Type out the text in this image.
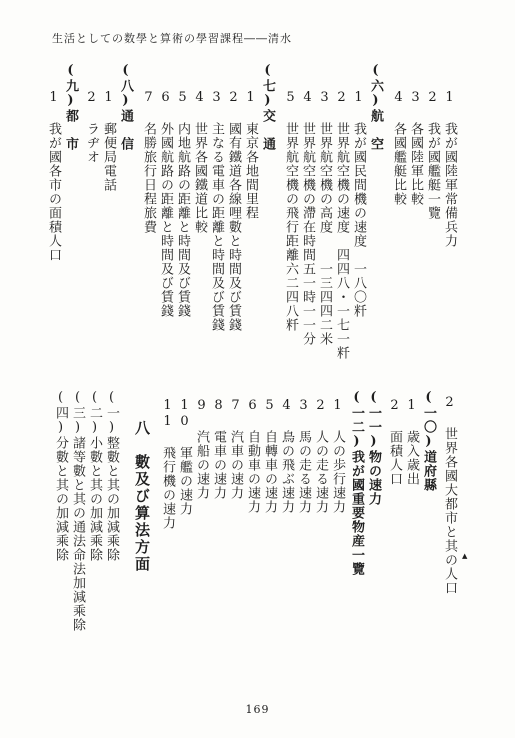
生活としての数學と算術の學習課程――清水
1 我が國陸軍常備兵力
2 我が國艦艇一覽
3 各國陸軍比較
4 各國艦艇比較
(六)航　空
1 我が國民間機の速度　一八〇粁
2 世界航空機の速度　四四八・一七一粁
3 世界航空機の高度　　一三四四二米
4 世界航空機の滯在時間五一時一一分
5 世界航空機の飛行距離六二四八粁
(七)交　通
1 東京各地間里程
2 國有鐵道各線哩數と時間及び賃錢
3 主なる電車の距離と時間及び賃錢
4 世界各國鐵道比較
5 内地航路の距離と時間及び賃錢
6 外國航路の距離と時間及び賃錢
7 名勝旅行日程旅費
(八)通　信
1 郵便局電話
2 ラヂオ
(九)都　市
1 我が國各市の面積人口
2 世界各國大都市と其の人口
(一〇)道府縣
1 歳入歳出
2 面積人口
(一一)物の速力
(一二)我が國重要物産一覽
1 人の歩行速力
2 人の走る速力
3 馬の走る速力
4 鳥の飛ぶ速力
5 自轉車の速力
6 自動車の速力
7 汽車の速力
8 電車の速力
9 汽船の速力
10 軍艦の速力
11 飛行機の速力
八　數及び算法方面
(一)整數と其の加減乘除
(二)小數と其の加減乘除
(三)諸等數と其の通法命法加減乘除
(四)分數と其の加減乘除	▲
169
